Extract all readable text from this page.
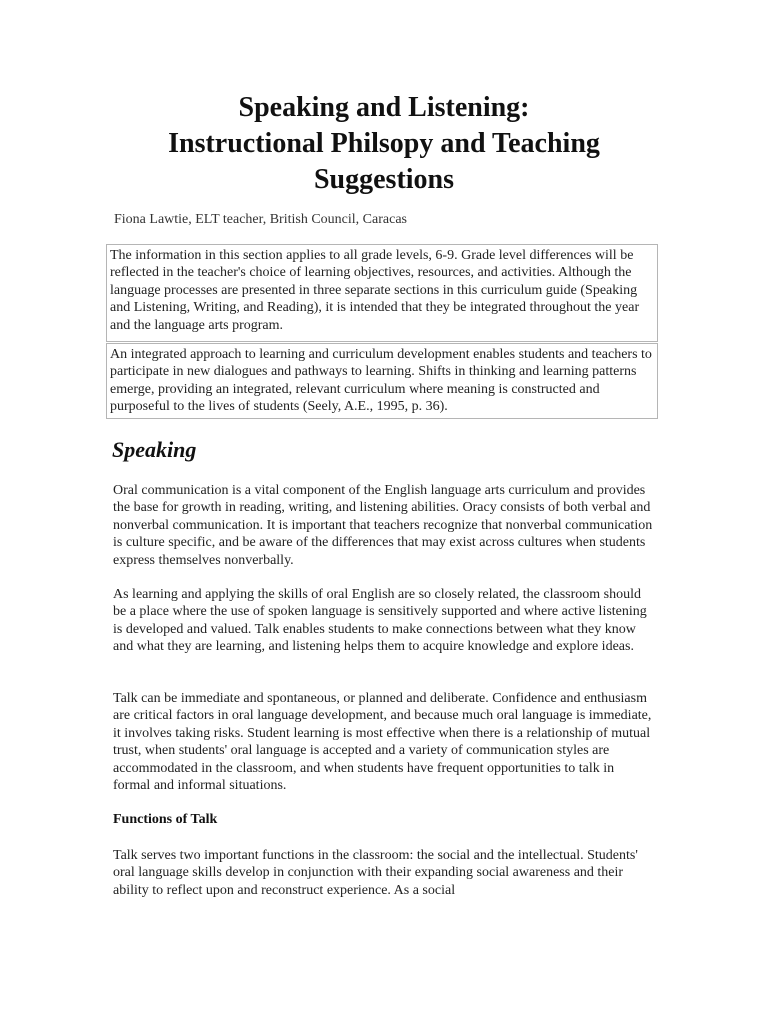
Speaking and Listening:
Instructional Philsopy and Teaching
Suggestions

Fiona Lawtie, ELT teacher, British Council, Caracas

The information in this section applies to all grade levels, 6-9. Grade level differences will be reflected in the teacher's choice of learning objectives, resources, and activities. Although the language processes are presented in three separate sections in this curriculum guide (Speaking and Listening, Writing, and Reading), it is intended that they be integrated throughout the year and the language arts program.
An integrated approach to learning and curriculum development enables students and teachers to participate in new dialogues and pathways to learning. Shifts in thinking and learning patterns emerge, providing an integrated, relevant curriculum where meaning is constructed and purposeful to the lives of students (Seely, A.E., 1995, p. 36).
Speaking

Oral communication is a vital component of the English language arts curriculum and provides the base for growth in reading, writing, and listening abilities. Oracy consists of both verbal and nonverbal communication. It is important that teachers recognize that nonverbal communication is culture specific, and be aware of the differences that may exist across cultures when students express themselves nonverbally.

As learning and applying the skills of oral English are so closely related, the classroom should be a place where the use of spoken language is sensitively supported and where active listening is developed and valued. Talk enables students to make connections between what they know and what they are learning, and listening helps them to acquire knowledge and explore ideas.

Talk can be immediate and spontaneous, or planned and deliberate. Confidence and enthusiasm are critical factors in oral language development, and because much oral language is immediate, it involves taking risks. Student learning is most effective when there is a relationship of mutual trust, when students' oral language is accepted and a variety of communication styles are accommodated in the classroom, and when students have frequent opportunities to talk in formal and informal situations.

Functions of Talk

Talk serves two important functions in the classroom: the social and the intellectual. Students' oral language skills develop in conjunction with their expanding social awareness and their ability to reflect upon and reconstruct experience. As a social
